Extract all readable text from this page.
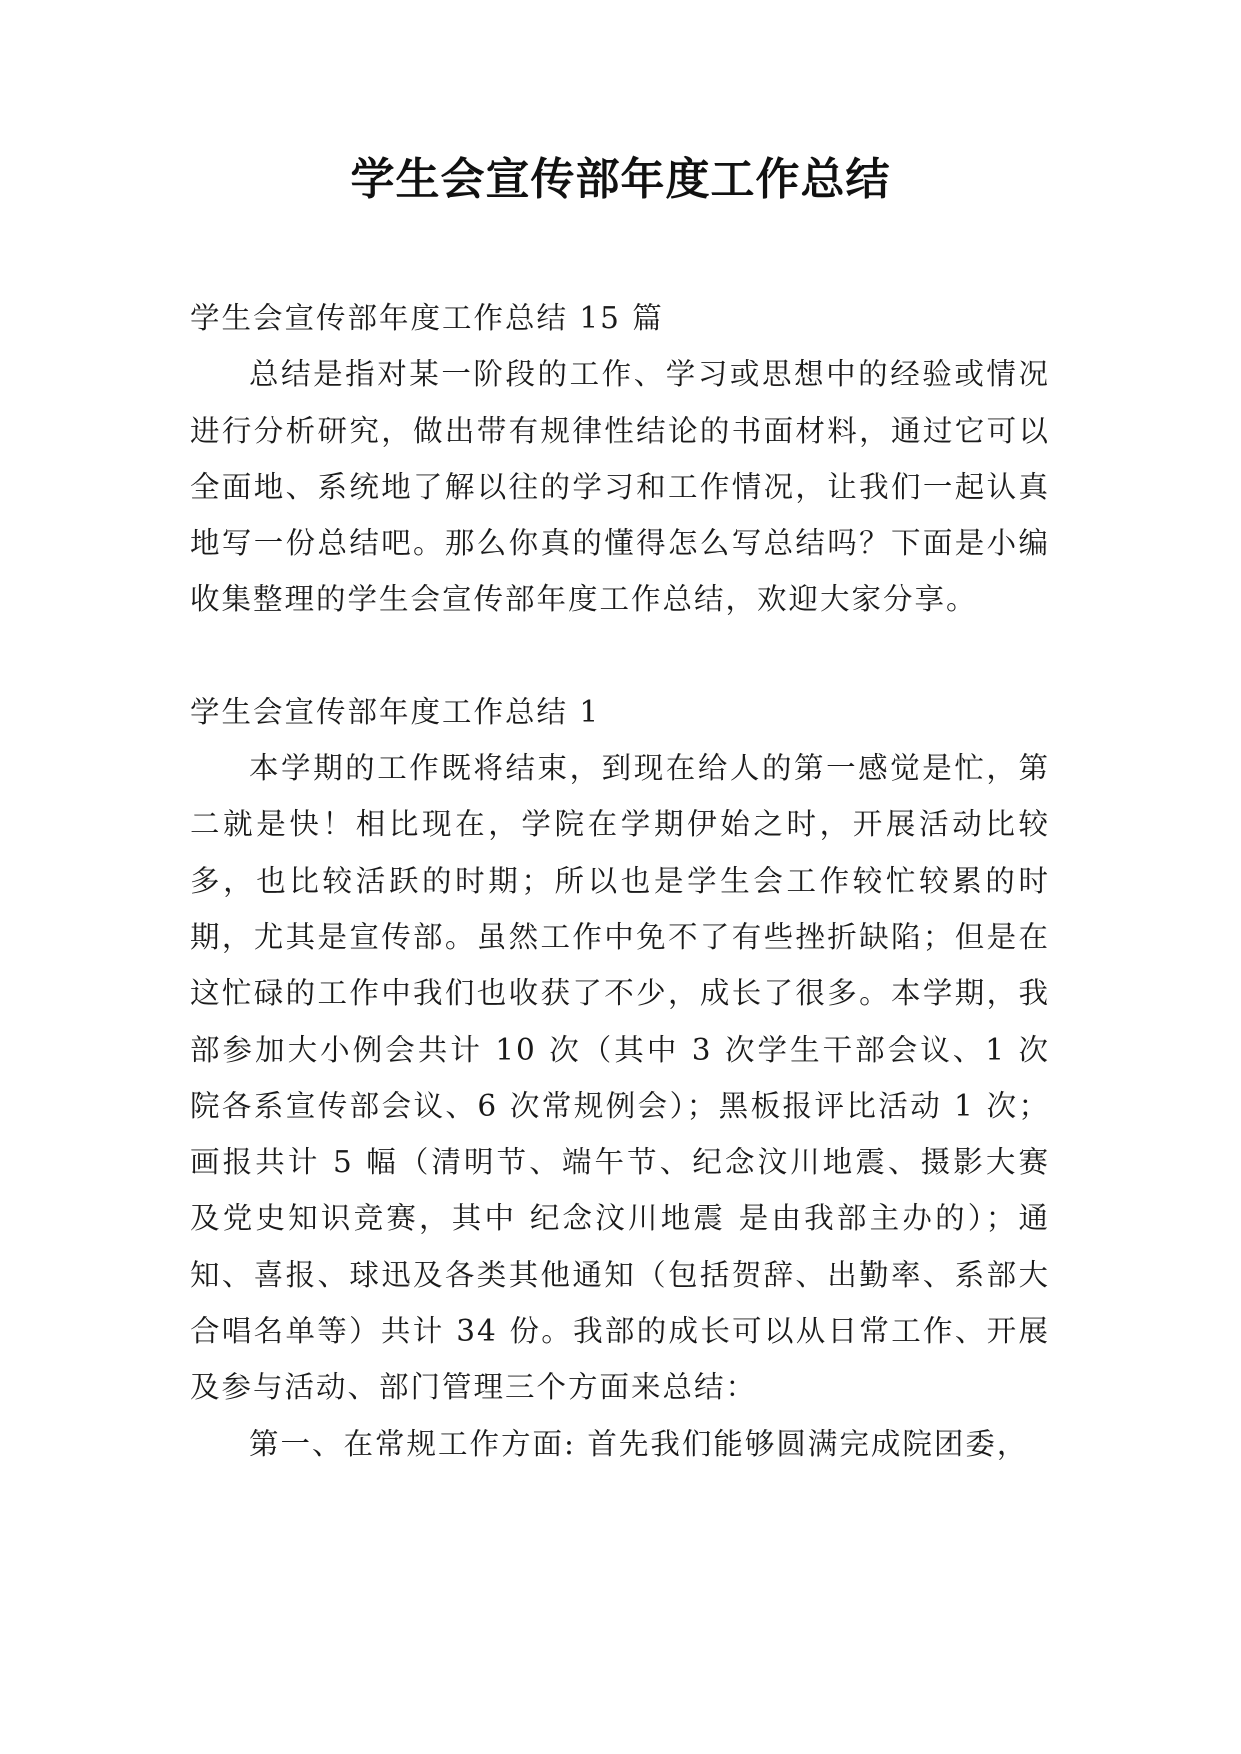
学生会宣传部年度工作总结

学生会宣传部年度工作总结 15 篇

总结是指对某一阶段的工作、学习或思想中的经验或情况进行分析研究，做出带有规律性结论的书面材料，通过它可以全面地、系统地了解以往的学习和工作情况，让我们一起认真地写一份总结吧。那么你真的懂得怎么写总结吗？下面是小编收集整理的学生会宣传部年度工作总结，欢迎大家分享。

学生会宣传部年度工作总结 1

本学期的工作既将结束，到现在给人的第一感觉是忙，第二就是快！相比现在，学院在学期伊始之时，开展活动比较多，也比较活跃的时期；所以也是学生会工作较忙较累的时期，尤其是宣传部。虽然工作中免不了有些挫折缺陷；但是在这忙碌的工作中我们也收获了不少，成长了很多。本学期，我部参加大小例会共计 10 次（其中 3 次学生干部会议、1 次院各系宣传部会议、6 次常规例会）；黑板报评比活动 1 次；画报共计 5 幅（清明节、端午节、纪念汶川地震、摄影大赛及党史知识竞赛，其中 纪念汶川地震 是由我部主办的）；通知、喜报、球迅及各类其他通知（包括贺辞、出勤率、系部大合唱名单等）共计 34 份。我部的成长可以从日常工作、开展及参与活动、部门管理三个方面来总结：

第一、在常规工作方面: 首先我们能够圆满完成院团委，
